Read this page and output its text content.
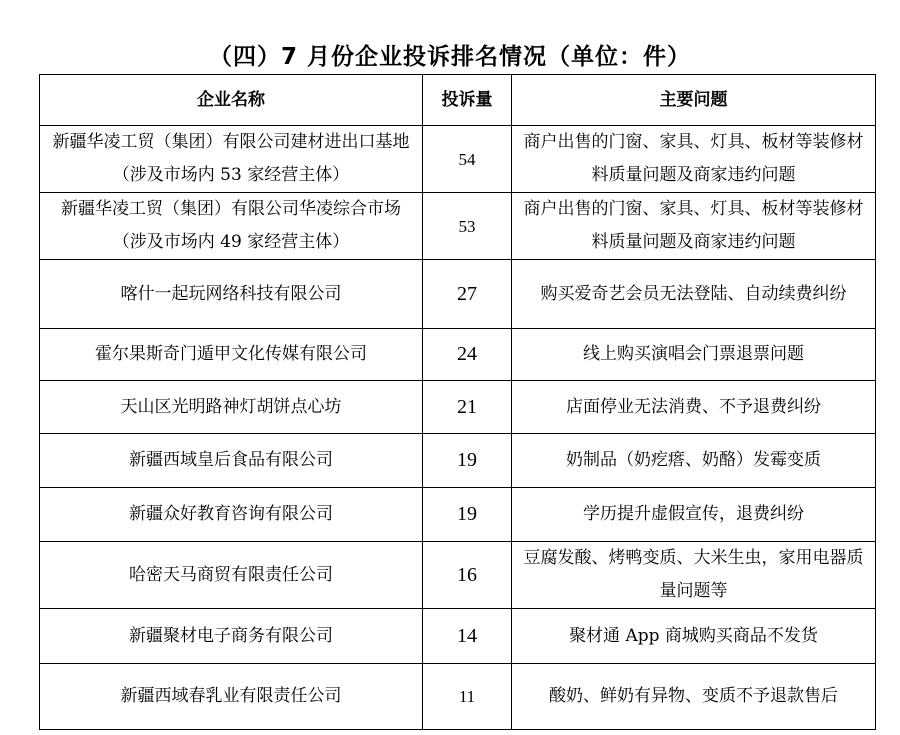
（四）7 月份企业投诉排名情况（单位：件）
企业名称	投诉量	主要问题
新疆华凌工贸（集团）有限公司建材进出口基地（涉及市场内 53 家经营主体）	54	商户出售的门窗、家具、灯具、板材等装修材料质量问题及商家违约问题
新疆华凌工贸（集团）有限公司华凌综合市场（涉及市场内 49 家经营主体）	53	商户出售的门窗、家具、灯具、板材等装修材料质量问题及商家违约问题
喀什一起玩网络科技有限公司	27	购买爱奇艺会员无法登陆、自动续费纠纷
霍尔果斯奇门遁甲文化传媒有限公司	24	线上购买演唱会门票退票问题
天山区光明路神灯胡饼点心坊	21	店面停业无法消费、不予退费纠纷
新疆西域皇后食品有限公司	19	奶制品（奶疙瘩、奶酪）发霉变质
新疆众好教育咨询有限公司	19	学历提升虚假宣传，退费纠纷
哈密天马商贸有限责任公司	16	豆腐发酸、烤鸭变质、大米生虫，家用电器质量问题等
新疆聚材电子商务有限公司	14	聚材通 App 商城购买商品不发货
新疆西域春乳业有限责任公司	11	酸奶、鲜奶有异物、变质不予退款售后
